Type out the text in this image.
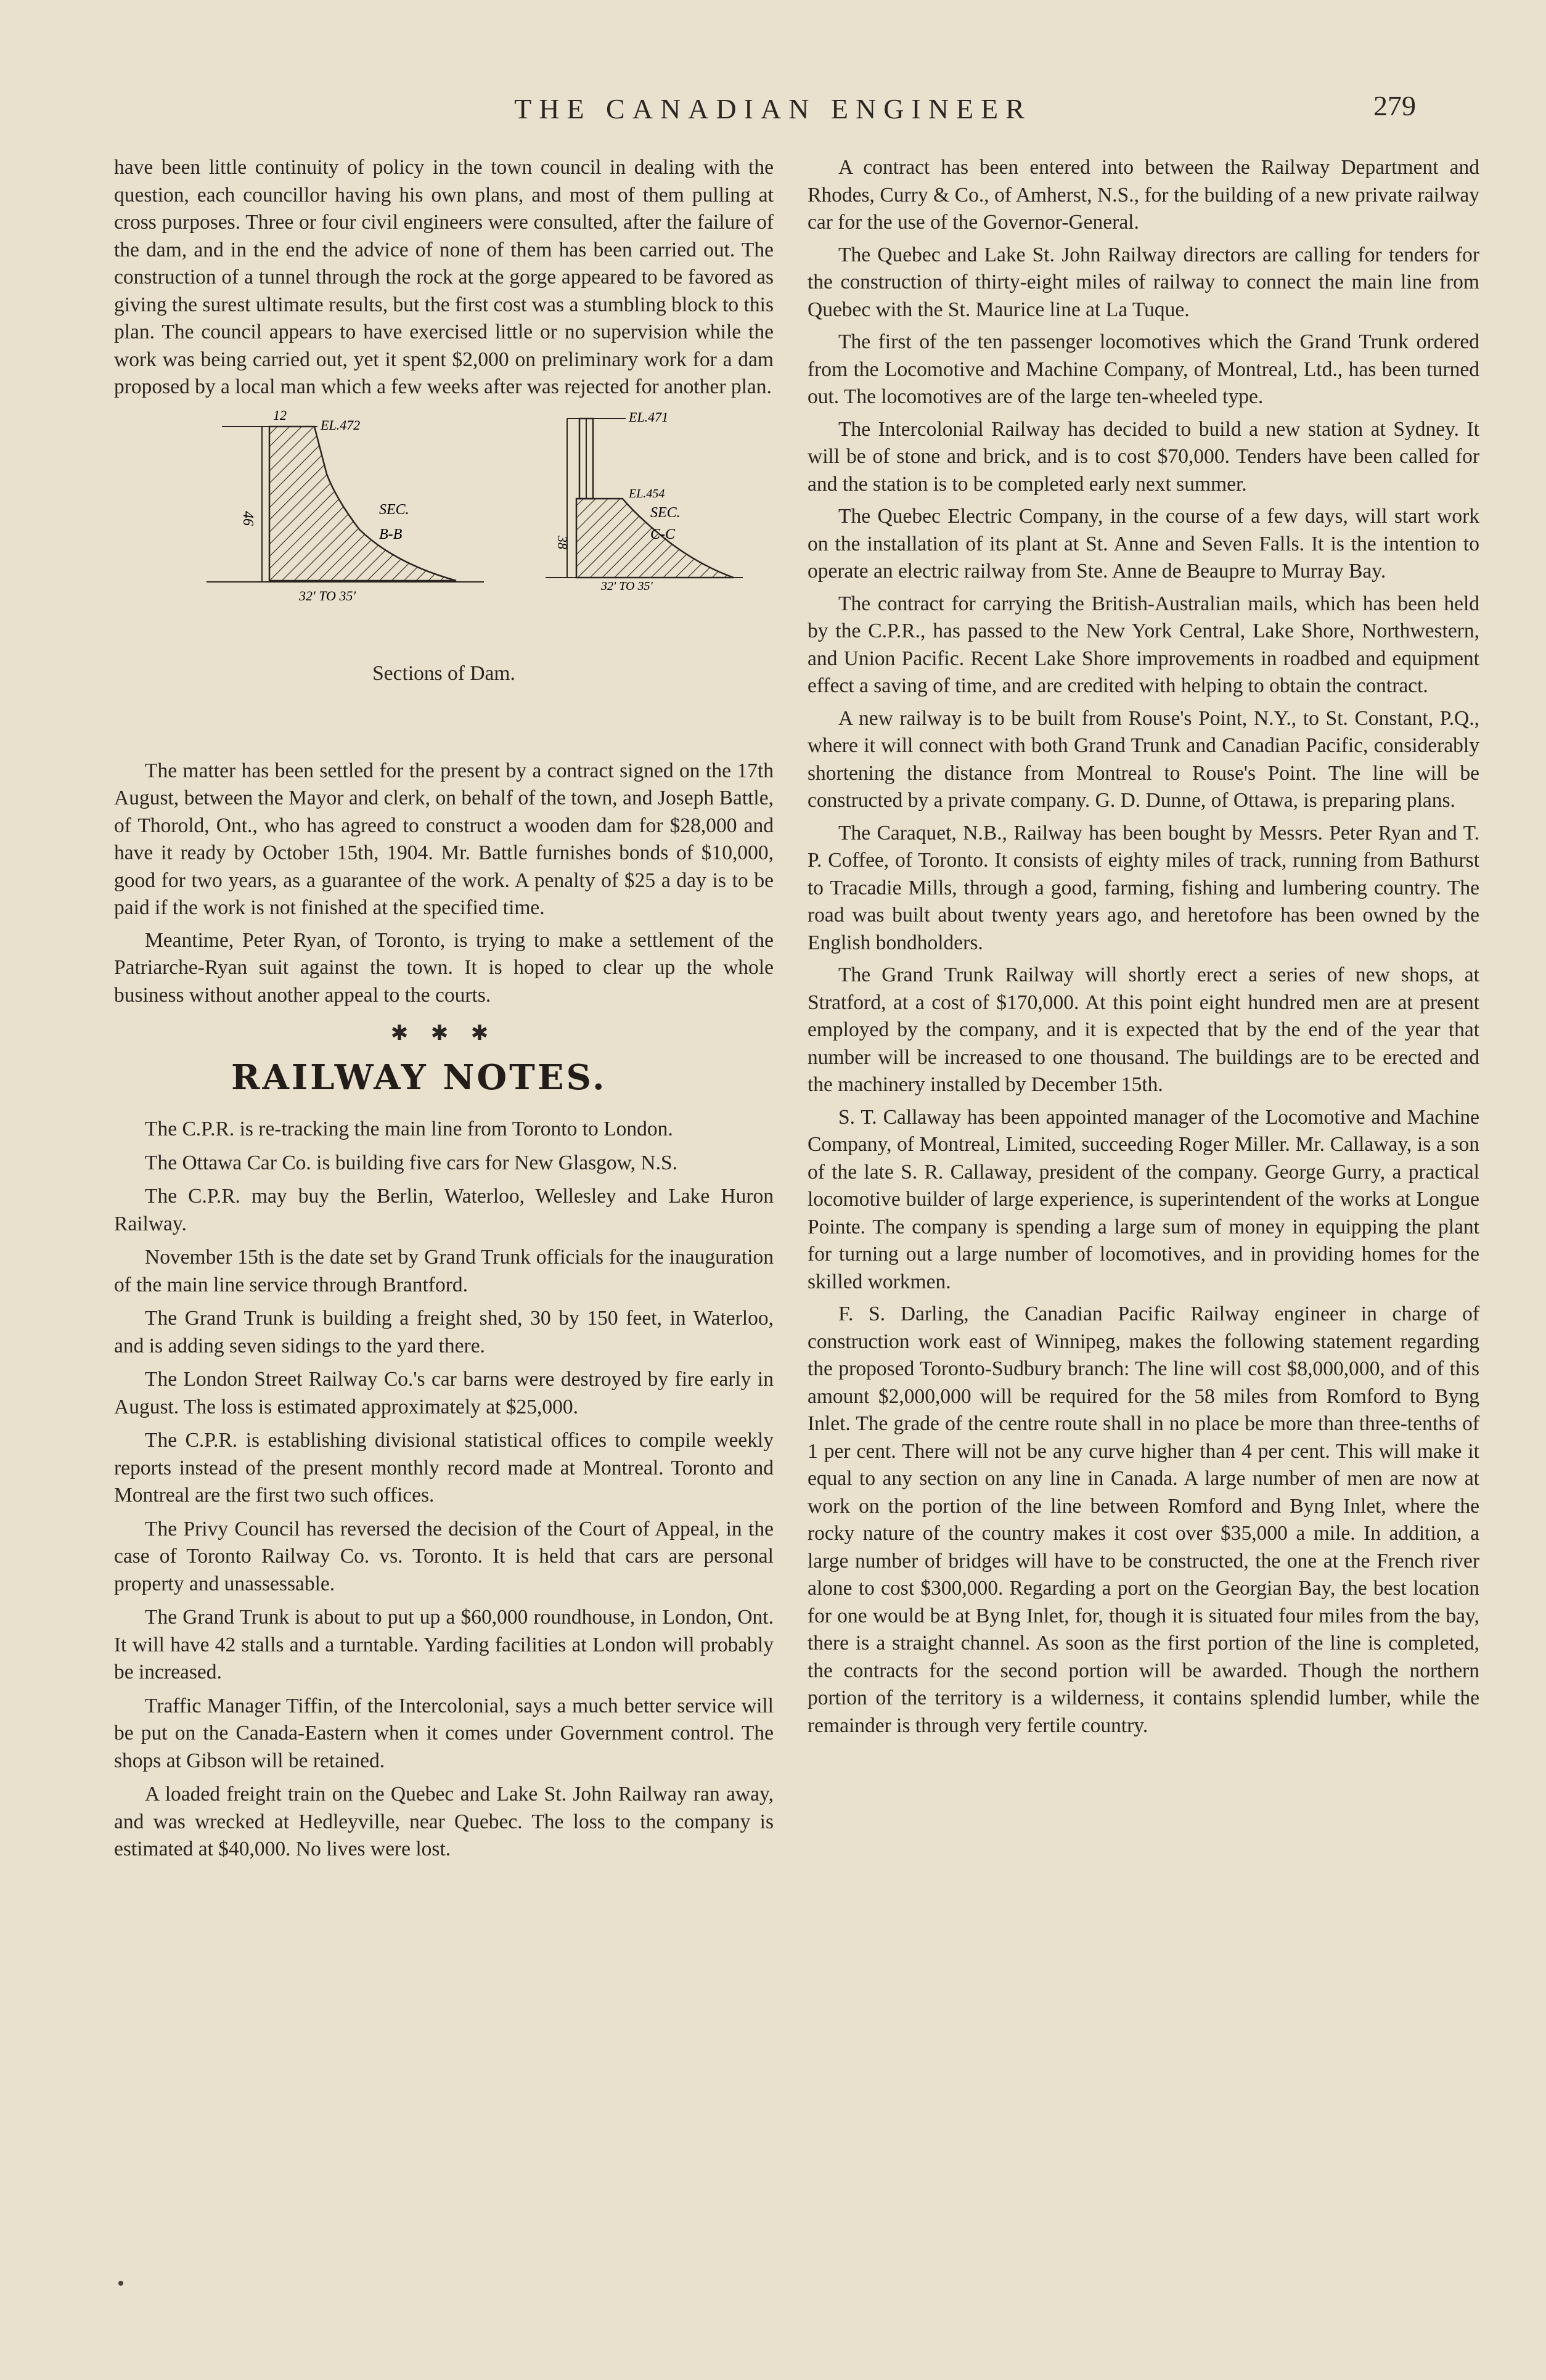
THE CANADIAN ENGINEER	279

have been little continuity of policy in the town council in dealing with the question, each councillor having his own plans, and most of them pulling at cross purposes. Three or four civil engineers were consulted, after the failure of the dam, and in the end the advice of none of them has been carried out. The construction of a tunnel through the rock at the gorge appeared to be favored as giving the surest ultimate results, but the first cost was a stumbling block to this plan. The council appears to have exercised little or no supervision while the work was being carried out, yet it spent $2,000 on preliminary work for a dam proposed by a local man which a few weeks after was rejected for another plan.

12
EL.472
46
SEC.
B-B
32' TO 35'
EL.471
EL.454
38
SEC.
C-C
32' TO 35'
Sections of Dam.

The matter has been settled for the present by a contract signed on the 17th August, between the Mayor and clerk, on behalf of the town, and Joseph Battle, of Thorold, Ont., who has agreed to construct a wooden dam for $28,000 and have it ready by October 15th, 1904. Mr. Battle furnishes bonds of $10,000, good for two years, as a guarantee of the work. A penalty of $25 a day is to be paid if the work is not finished at the specified time.

Meantime, Peter Ryan, of Toronto, is trying to make a settlement of the Patriarche-Ryan suit against the town. It is hoped to clear up the whole business without another appeal to the courts.

✱ ✱ ✱
RAILWAY NOTES.

The C.P.R. is re-tracking the main line from Toronto to London.

The Ottawa Car Co. is building five cars for New Glasgow, N.S.

The C.P.R. may buy the Berlin, Waterloo, Wellesley and Lake Huron Railway.

November 15th is the date set by Grand Trunk officials for the inauguration of the main line service through Brantford.

The Grand Trunk is building a freight shed, 30 by 150 feet, in Waterloo, and is adding seven sidings to the yard there.

The London Street Railway Co.'s car barns were destroyed by fire early in August. The loss is estimated approximately at $25,000.

The C.P.R. is establishing divisional statistical offices to compile weekly reports instead of the present monthly record made at Montreal. Toronto and Montreal are the first two such offices.

The Privy Council has reversed the decision of the Court of Appeal, in the case of Toronto Railway Co. vs. Toronto. It is held that cars are personal property and unassessable.

The Grand Trunk is about to put up a $60,000 roundhouse, in London, Ont. It will have 42 stalls and a turntable. Yarding facilities at London will probably be increased.

Traffic Manager Tiffin, of the Intercolonial, says a much better service will be put on the Canada-Eastern when it comes under Government control. The shops at Gibson will be retained.

A loaded freight train on the Quebec and Lake St. John Railway ran away, and was wrecked at Hedleyville, near Quebec. The loss to the company is estimated at $40,000. No lives were lost.

A contract has been entered into between the Railway Department and Rhodes, Curry & Co., of Amherst, N.S., for the building of a new private railway car for the use of the Governor-General.

The Quebec and Lake St. John Railway directors are calling for tenders for the construction of thirty-eight miles of railway to connect the main line from Quebec with the St. Maurice line at La Tuque.

The first of the ten passenger locomotives which the Grand Trunk ordered from the Locomotive and Machine Company, of Montreal, Ltd., has been turned out. The locomotives are of the large ten-wheeled type.

The Intercolonial Railway has decided to build a new station at Sydney. It will be of stone and brick, and is to cost $70,000. Tenders have been called for and the station is to be completed early next summer.

The Quebec Electric Company, in the course of a few days, will start work on the installation of its plant at St. Anne and Seven Falls. It is the intention to operate an electric railway from Ste. Anne de Beaupre to Murray Bay.

The contract for carrying the British-Australian mails, which has been held by the C.P.R., has passed to the New York Central, Lake Shore, Northwestern, and Union Pacific. Recent Lake Shore improvements in roadbed and equipment effect a saving of time, and are credited with helping to obtain the contract.

A new railway is to be built from Rouse's Point, N.Y., to St. Constant, P.Q., where it will connect with both Grand Trunk and Canadian Pacific, considerably shortening the distance from Montreal to Rouse's Point. The line will be constructed by a private company. G. D. Dunne, of Ottawa, is preparing plans.

The Caraquet, N.B., Railway has been bought by Messrs. Peter Ryan and T. P. Coffee, of Toronto. It consists of eighty miles of track, running from Bathurst to Tracadie Mills, through a good, farming, fishing and lumbering country. The road was built about twenty years ago, and heretofore has been owned by the English bondholders.

The Grand Trunk Railway will shortly erect a series of new shops, at Stratford, at a cost of $170,000. At this point eight hundred men are at present employed by the company, and it is expected that by the end of the year that number will be increased to one thousand. The buildings are to be erected and the machinery installed by December 15th.

S. T. Callaway has been appointed manager of the Locomotive and Machine Company, of Montreal, Limited, succeeding Roger Miller. Mr. Callaway, is a son of the late S. R. Callaway, president of the company. George Gurry, a practical locomotive builder of large experience, is superintendent of the works at Longue Pointe. The company is spending a large sum of money in equipping the plant for turning out a large number of locomotives, and in providing homes for the skilled workmen.

F. S. Darling, the Canadian Pacific Railway engineer in charge of construction work east of Winnipeg, makes the following statement regarding the proposed Toronto-Sudbury branch: The line will cost $8,000,000, and of this amount $2,000,000 will be required for the 58 miles from Romford to Byng Inlet. The grade of the centre route shall in no place be more than three-tenths of 1 per cent. There will not be any curve higher than 4 per cent. This will make it equal to any section on any line in Canada. A large number of men are now at work on the portion of the line between Romford and Byng Inlet, where the rocky nature of the country makes it cost over $35,000 a mile. In addition, a large number of bridges will have to be constructed, the one at the French river alone to cost $300,000. Regarding a port on the Georgian Bay, the best location for one would be at Byng Inlet, for, though it is situated four miles from the bay, there is a straight channel. As soon as the first portion of the line is completed, the contracts for the second portion will be awarded. Though the northern portion of the territory is a wilderness, it contains splendid lumber, while the remainder is through very fertile country.
